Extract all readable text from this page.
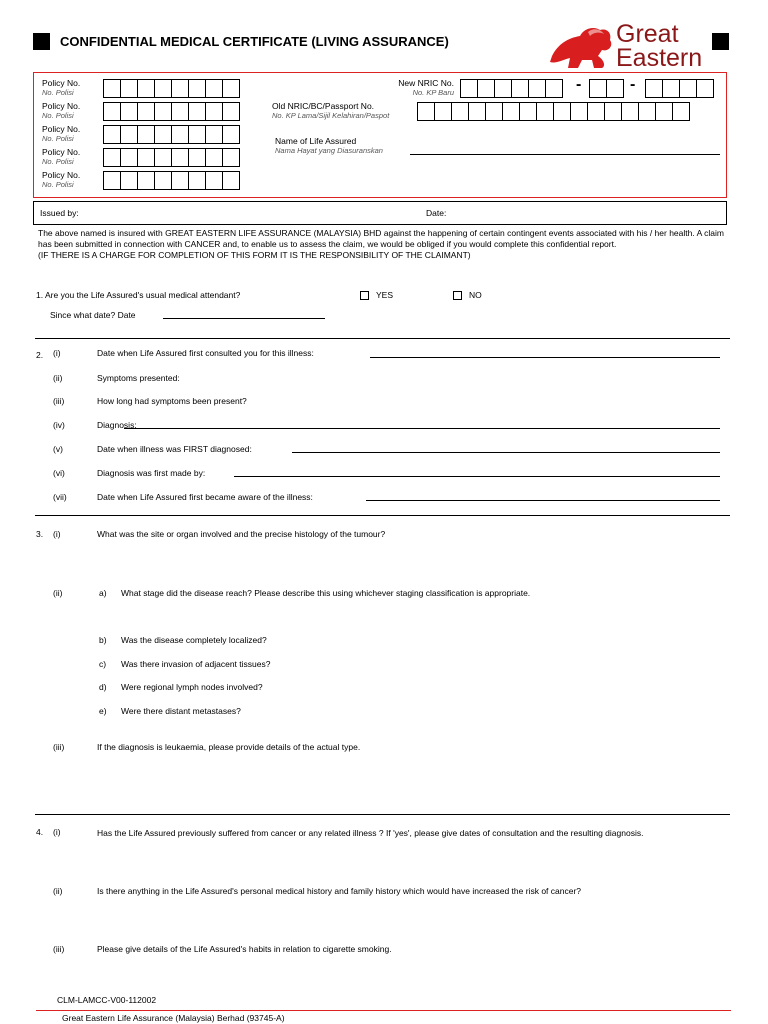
CONFIDENTIAL MEDICAL CERTIFICATE (LIVING ASSURANCE)	Great
Eastern
Policy No.
No. Polisi
Policy No.
No. Polisi
Policy No.
No. Polisi
Policy No.
No. Polisi
Policy No.
No. Polisi
New NRIC No.
No. KP Baru	-	-
Old NRIC/BC/Passport No.
No. KP Lama/Sijil Kelahiran/Paspot
Name of Life Assured
Nama Hayat yang Diasuranskan
Issued by:	Date:
The above named is insured with GREAT EASTERN LIFE ASSURANCE (MALAYSIA) BHD against the happening of certain contingent events associated with his / her health. A claim has been submitted in connection with CANCER and, to enable us to assess the claim, we would be obliged if you would complete this confidential report.
(IF THERE IS A CHARGE FOR COMPLETION OF THIS FORM IT IS THE RESPONSIBILITY OF THE CLAIMANT)
1. Are you the Life Assured's usual medical attendant?	YES	NO
Since what date? Date
2. (i)	Date when Life Assured first consulted you for this illness:
(ii)	Symptoms presented:
(iii)	How long had symptoms been present?
(iv)	Diagnosis:
(v)	Date when illness was FIRST diagnosed:
(vi)	Diagnosis was first made by:
(vii)	Date when Life Assured first became aware of the illness:
3. (i)	What was the site or organ involved and the precise histology of the tumour?
(ii)	a) What stage did the disease reach? Please describe this using whichever staging classification is appropriate.
b) Was the disease completely localized?
c) Was there invasion of adjacent tissues?
d) Were regional lymph nodes involved?
e) Were there distant metastases?
(iii)	If the diagnosis is leukaemia, please provide details of the actual type.
4. (i)	Has the Life Assured previously suffered from cancer or any related illness ? If 'yes', please give dates of consultation and the resulting diagnosis.
(ii)	Is there anything in the Life Assured's personal medical history and family history which would have increased the risk of cancer?
(iii)	Please give details of the Life Assured's habits in relation to cigarette smoking.
CLM-LAMCC-V00-112002
Great Eastern Life Assurance (Malaysia) Berhad (93745-A)
